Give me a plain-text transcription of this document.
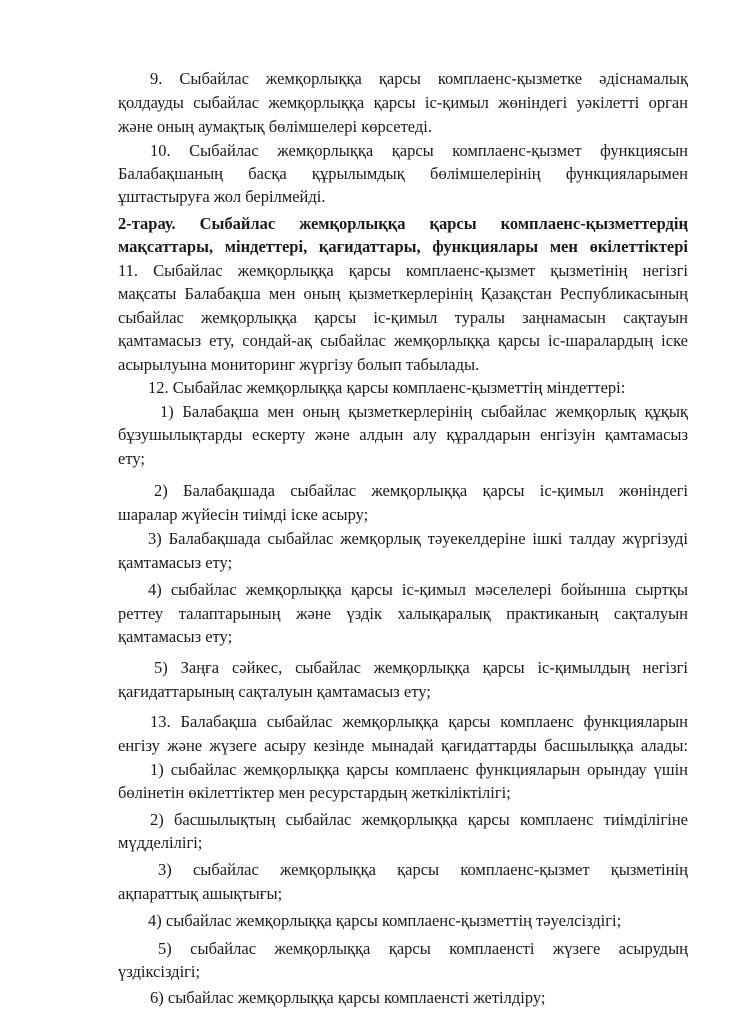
9. Сыбайлас жемқорлыққа қарсы комплаенс-қызметке әдіснамалық
қолдауды сыбайлас жемқорлыққа қарсы іс-қимыл жөніндегі уәкілетті орган
және оның аумақтық бөлімшелері көрсетеді.
10. Сыбайлас жемқорлыққа қарсы комплаенс-қызмет функциясын
Балабақшаның басқа құрылымдық бөлімшелерінің функцияларымен
ұштастыруға жол берілмейді.
2-тарау. Сыбайлас жемқорлыққа қарсы комплаенс-қызметтердің
мақсаттары, міндеттері, қағидаттары, функциялары мен өкілеттіктері
11. Сыбайлас жемқорлыққа қарсы комплаенс-қызмет қызметінің негізгі
мақсаты Балабақша мен оның қызметкерлерінің Қазақстан Республикасының
сыбайлас жемқорлыққа қарсы іс-қимыл туралы заңнамасын сақтауын
қамтамасыз ету, сондай-ақ сыбайлас жемқорлыққа қарсы іс-шаралардың іске
асырылуына мониторинг жүргізу болып табылады.
12. Сыбайлас жемқорлыққа қарсы комплаенс-қызметтің міндеттері:
1) Балабақша мен оның қызметкерлерінің сыбайлас жемқорлық құқық
бұзушылықтарды ескерту және алдын алу құралдарын енгізуін қамтамасыз
ету;
2) Балабақшада сыбайлас жемқорлыққа қарсы іс-қимыл жөніндегі
шаралар жүйесін тиімді іске асыру;
3) Балабақшада сыбайлас жемқорлық тәуекелдеріне ішкі талдау жүргізуді
қамтамасыз ету;
4) сыбайлас жемқорлыққа қарсы іс-қимыл мәселелері бойынша сыртқы
реттеу талаптарының және үздік халықаралық практиканың сақталуын
қамтамасыз ету;
5) Заңға сәйкес, сыбайлас жемқорлыққа қарсы іс-қимылдың негізгі
қағидаттарының сақталуын қамтамасыз ету;
13. Балабақша сыбайлас жемқорлыққа қарсы комплаенс функцияларын
енгізу және жүзеге асыру кезінде мынадай қағидаттарды басшылыққа алады:
1) сыбайлас жемқорлыққа қарсы комплаенс функцияларын орындау үшін
бөлінетін өкілеттіктер мен ресурстардың жеткіліктілігі;
2) басшылықтың сыбайлас жемқорлыққа қарсы комплаенс тиімділігіне
мүдделілігі;
3) сыбайлас жемқорлыққа қарсы комплаенс-қызмет қызметінің
ақпараттық ашықтығы;
4) сыбайлас жемқорлыққа қарсы комплаенс-қызметтің тәуелсіздігі;
5) сыбайлас жемқорлыққа қарсы комплаенсті жүзеге асырудың
үздіксіздігі;
6) сыбайлас жемқорлыққа қарсы комплаенсті жетілдіру;
